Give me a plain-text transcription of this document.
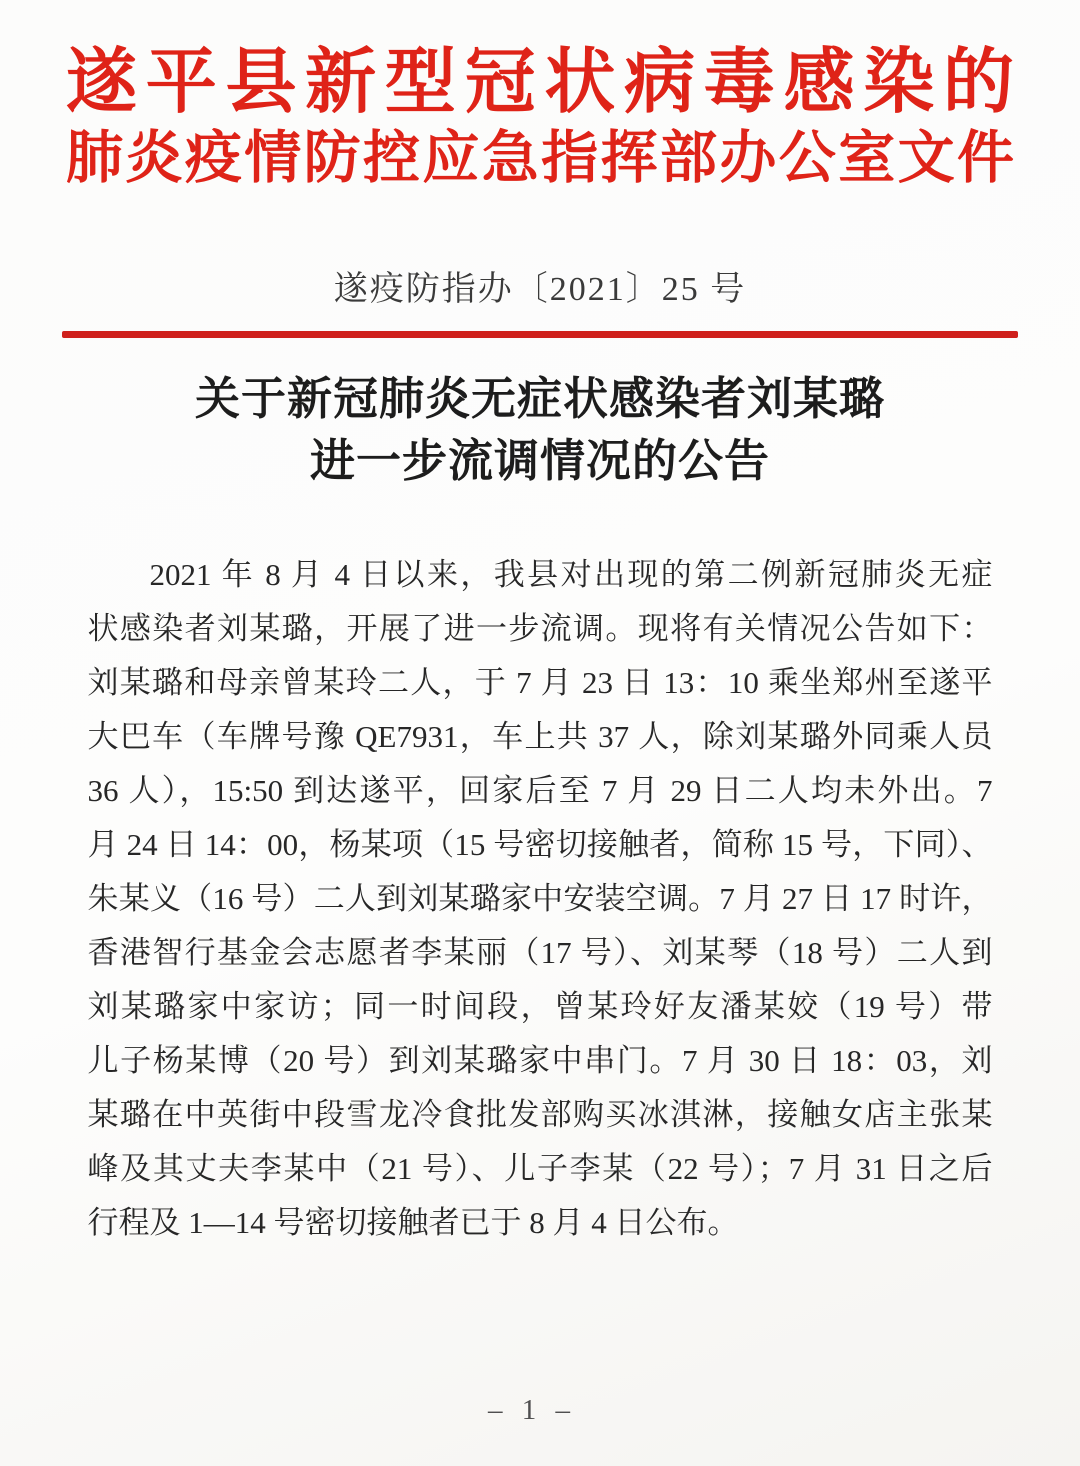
遂平县新型冠状病毒感染的
肺炎疫情防控应急指挥部办公室文件
遂疫防指办〔2021〕25 号
关于新冠肺炎无症状感染者刘某璐
进一步流调情况的公告
2021 年 8 月 4 日以来，我县对出现的第二例新冠肺炎无症
状感染者刘某璐，开展了进一步流调。现将有关情况公告如下：
刘某璐和母亲曾某玲二人，于 7 月 23 日 13：10 乘坐郑州至遂平
大巴车（车牌号豫 QE7931，车上共 37 人，除刘某璐外同乘人员
36 人），15:50 到达遂平，回家后至 7 月 29 日二人均未外出。7
月 24 日 14：00，杨某项（15 号密切接触者，简称 15 号，下同）、
朱某义（16 号）二人到刘某璐家中安装空调。7 月 27 日 17 时许，
香港智行基金会志愿者李某丽（17 号）、刘某琴（18 号）二人到
刘某璐家中家访；同一时间段，曾某玲好友潘某姣（19 号）带
儿子杨某博（20 号）到刘某璐家中串门。7 月 30 日 18：03，刘
某璐在中英街中段雪龙冷食批发部购买冰淇淋，接触女店主张某
峰及其丈夫李某中（21 号）、儿子李某（22 号）；7 月 31 日之后
行程及 1—14 号密切接触者已于 8 月 4 日公布。
– 1 –
